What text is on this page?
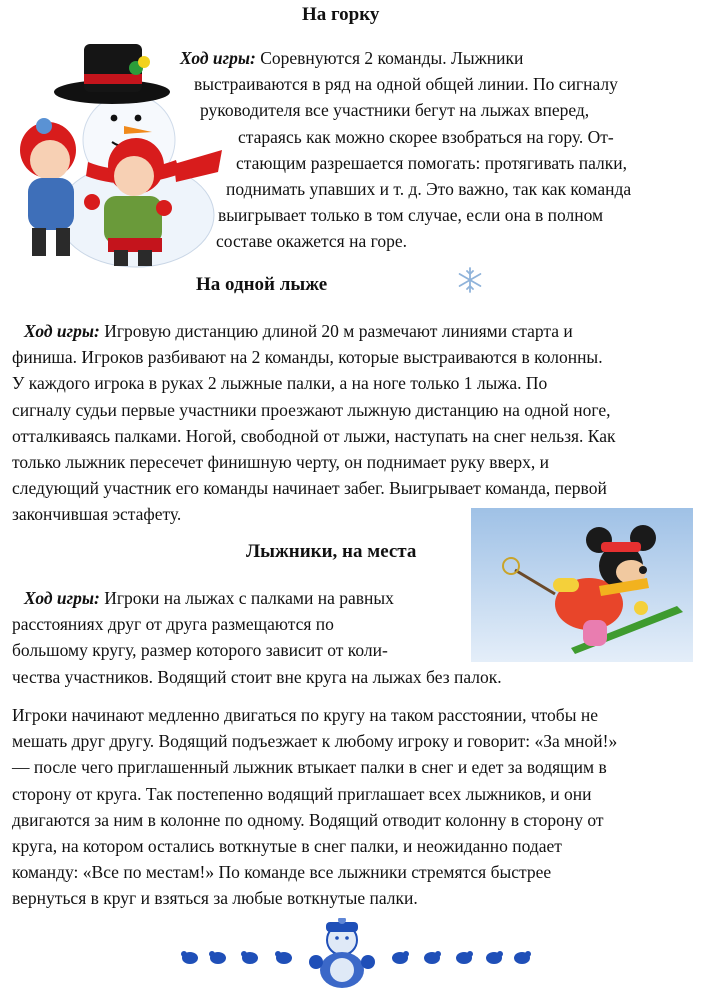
На горку
Ход игры: Соревнуются 2 команды. Лыжники
выстраиваются в ряд на одной общей линии. По сигналу
руководителя все участники бегут на лыжах вперед,
стараясь как можно скорее взобраться на гору. От-
стающим разрешается помогать: протягивать палки,
поднимать упавших и т. д. Это важно, так как команда
выигрывает только в том случае, если она в полном
составе окажется на горе.
На одной лыже
Ход игры: Игровую дистанцию длиной 20 м размечают линиями старта и
финиша. Игроков разбивают на 2 команды, которые выстраиваются в колонны.
У каждого игрока в руках 2 лыжные палки, а на ноге только 1 лыжа. По
сигналу судьи первые участники проезжают лыжную дистанцию на одной ноге,
отталкиваясь палками. Ногой, свободной от лыжи, наступать на снег нельзя. Как
только лыжник пересечет финишную черту, он поднимает руку вверх, и
следующий участник его команды начинает забег. Выигрывает команда, первой
закончившая эстафету.
Лыжники, на места
Ход игры: Игроки на лыжах с палками на равных
расстояниях друг от друга размещаются по
большому кругу, размер которого зависит от коли-
чества участников. Водящий стоит вне круга на лыжах без палок.
Игроки начинают медленно двигаться по кругу на таком расстоянии, чтобы не
мешать друг другу. Водящий подъезжает к любому игроку и говорит: «За мной!»
— после чего приглашенный лыжник втыкает палки в снег и едет за водящим в
сторону от круга. Так постепенно водящий приглашает всех лыжников, и они
двигаются за ним в колонне по одному. Водящий отводит колонну в сторону от
круга, на котором остались воткнутые в снег палки, и неожиданно подает
команду: «Все по местам!» По команде все лыжники стремятся быстрее
вернуться в круг и взяться за любые воткнутые палки.
